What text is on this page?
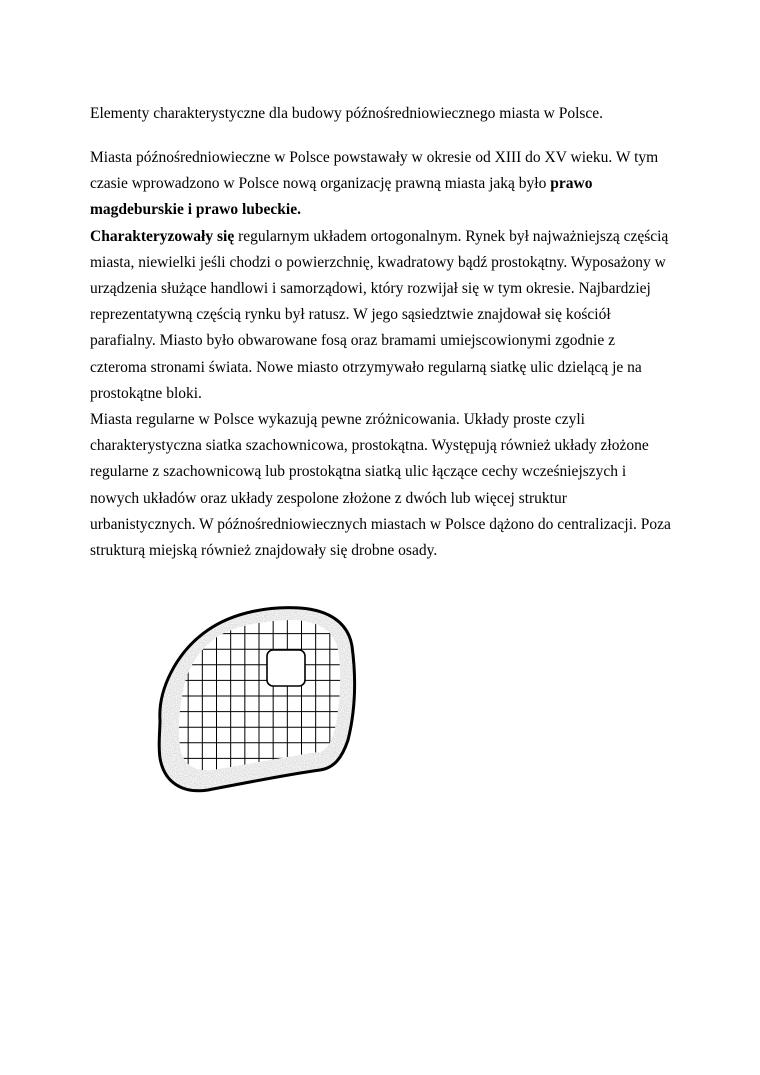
Elementy charakterystyczne dla budowy późnośredniowiecznego miasta w Polsce.

Miasta późnośredniowieczne w Polsce powstawały w okresie od XIII do XV wieku. W tym
czasie wprowadzono w Polsce nową organizację prawną miasta jaką było prawo
magdeburskie i prawo lubeckie.
Charakteryzowały się regularnym układem ortogonalnym. Rynek był najważniejszą częścią
miasta, niewielki jeśli chodzi o powierzchnię, kwadratowy bądź prostokątny. Wyposażony w
urządzenia służące handlowi i samorządowi, który rozwijał się w tym okresie. Najbardziej
reprezentatywną częścią rynku był ratusz. W jego sąsiedztwie znajdował się kościół
parafialny. Miasto było obwarowane fosą oraz bramami umiejscowionymi zgodnie z
czteroma stronami świata. Nowe miasto otrzymywało regularną siatkę ulic dzielącą je na
prostokątne bloki.
Miasta regularne w Polsce wykazują pewne zróżnicowania. Układy proste czyli
charakterystyczna siatka szachownicowa, prostokątna. Występują również układy złożone
regularne z szachownicową lub prostokątna siatką ulic łączące cechy wcześniejszych i
nowych układów oraz układy zespolone złożone z dwóch lub więcej struktur
urbanistycznych. W późnośredniowiecznych miastach w Polsce dążono do centralizacji. Poza
strukturą miejską również znajdowały się drobne osady.
